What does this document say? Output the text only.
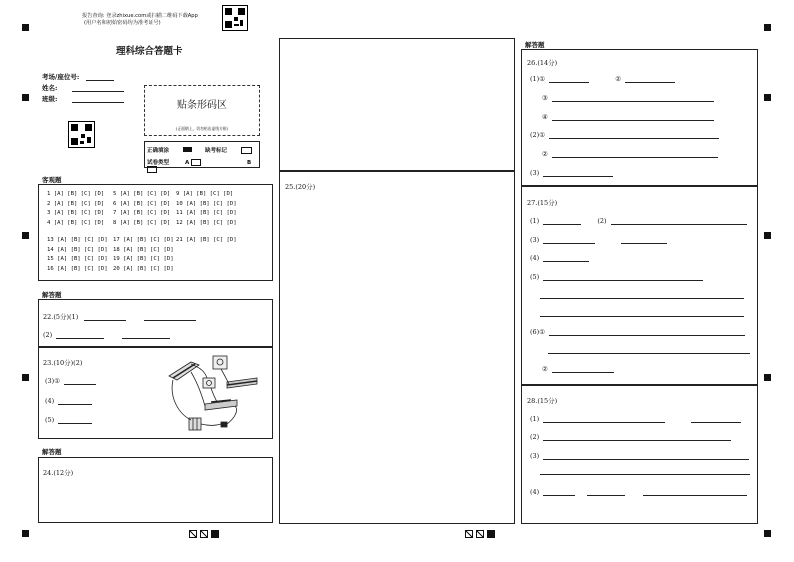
报告查询: 登录zhixue.com或扫描二维码下载App
(用户名和初始密码均为准考证号)
理科综合答题卡
考场/座位号:
姓名:
班级:
贴条形码区
(正面朝上，切勿贴出虚线方框)
正确填涂	缺考标记
试卷类型	A	B
客观题
1 [A] [B] [C] [D] 5 [A] [B] [C] [D] 9 [A] [B] [C] [D]
2 [A] [B] [C] [D] 6 [A] [B] [C] [D] 10 [A] [B] [C] [D]
3 [A] [B] [C] [D] 7 [A] [B] [C] [D] 11 [A] [B] [C] [D]
4 [A] [B] [C] [D] 8 [A] [B] [C] [D] 12 [A] [B] [C] [D]
13 [A] [B] [C] [D] 17 [A] [B] [C] [D] 21 [A] [B] [C] [D]
14 [A] [B] [C] [D] 18 [A] [B] [C] [D]
15 [A] [B] [C] [D] 19 [A] [B] [C] [D]
16 [A] [B] [C] [D] 20 [A] [B] [C] [D]
解答题
22.(5分)(1)
(2)
23.(10分)(2)
(3)①
(4)
(5)
解答题
24.(12分)
25.(20分)
解答题
26.(14分)
(1)①	②
③
④
(2)①
②
(3)
27.(15分)
(1)	(2)
(3)
(4)
(5)
(6)①
②
28.(15分)
(1)
(2)
(3)
(4)
